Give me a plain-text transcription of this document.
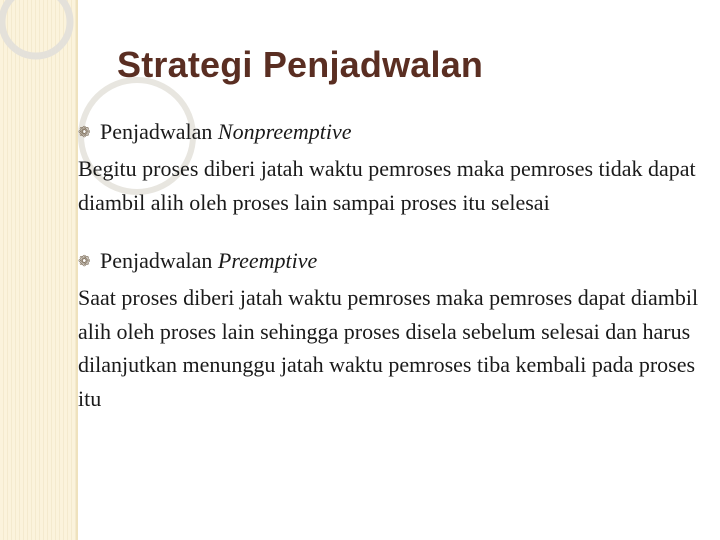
Strategi Penjadwalan
❁ Penjadwalan Nonpreemptive

Begitu proses diberi jatah waktu pemroses maka pemroses tidak dapat diambil alih oleh proses lain sampai proses itu selesai

❁ Penjadwalan Preemptive

Saat proses diberi jatah waktu pemroses maka pemroses dapat diambil alih oleh proses lain sehingga proses disela sebelum selesai dan harus dilanjutkan menunggu jatah waktu pemroses tiba kembali pada proses itu
